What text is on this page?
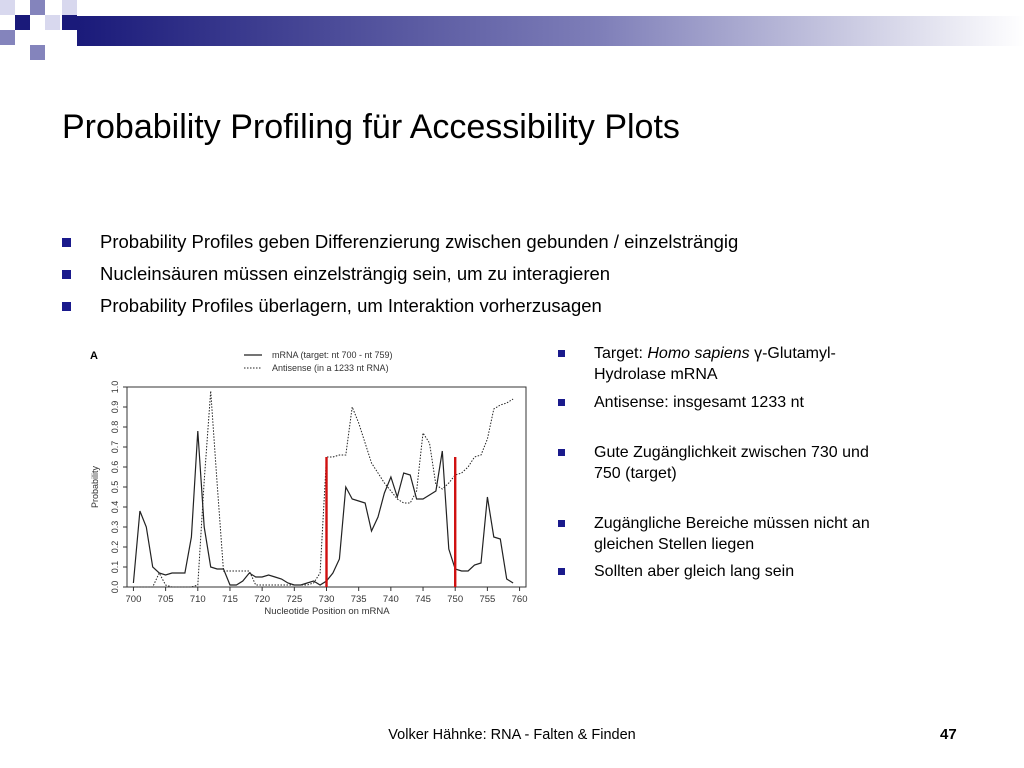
Probability Profiling für Accessibility Plots
Probability Profiles geben Differenzierung zwischen gebunden / einzelsträngig
Nucleinsäuren müssen einzelsträngig sein, um zu interagieren
Probability Profiles überlagern, um Interaktion vorherzusagen
A	mRNA (target: nt 700 - nt 759)
Antisense (in a 1233 nt RNA)
0.0
0.1
0.2
0.3
0.4
0.5
0.6
0.7
0.8
0.9
1.0
700 705 710 715 720 725 730 735 740 745 750 755 760
Probability
Nucleotide Position on mRNA
Target: Homo sapiens γ-Glutamyl-Hydrolase mRNA
Antisense: insgesamt 1233 nt
Gute Zugänglichkeit zwischen 730 und 750 (target)
Zugängliche Bereiche müssen nicht an gleichen Stellen liegen
Sollten aber gleich lang sein
Volker Hähnke: RNA - Falten & Finden	47
